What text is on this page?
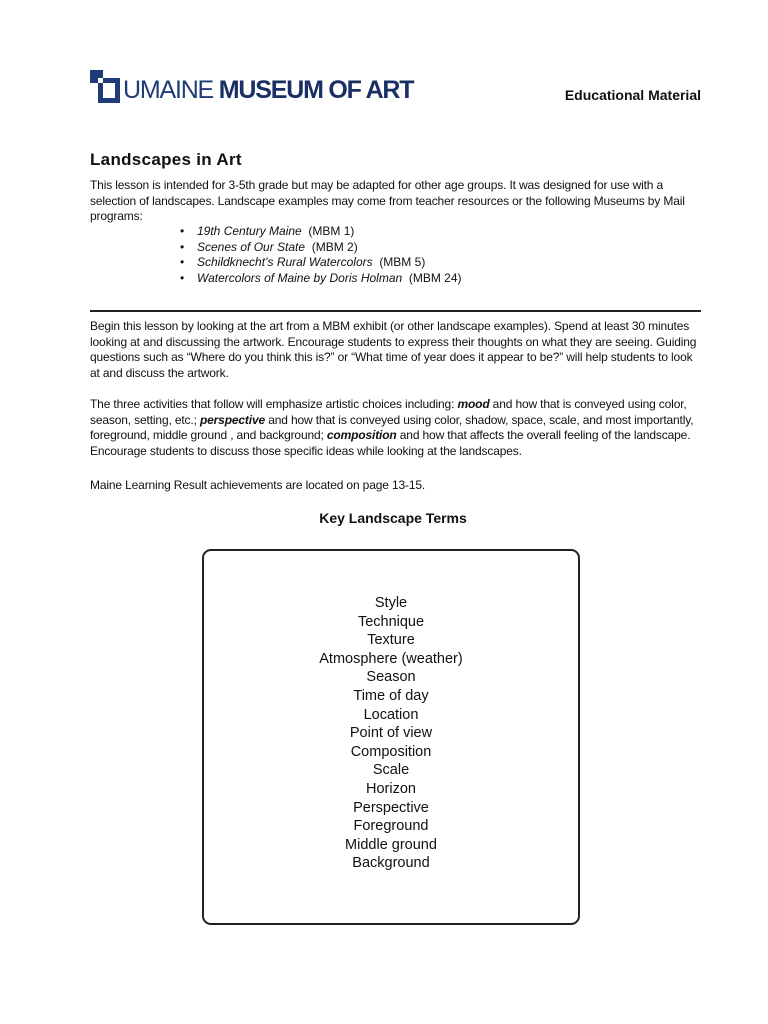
UMAINE MUSEUM OF ART	Educational Material
Landscapes in Art

This lesson is intended for 3-5th grade but may be adapted for other age groups. It was designed for use with a selection of landscapes. Landscape examples may come from teacher resources or the following Museums by Mail programs:

• 19th Century Maine (MBM 1)
• Scenes of Our State (MBM 2)
• Schildknecht’s Rural Watercolors (MBM 5)
• Watercolors of Maine by Doris Holman (MBM 24)

Begin this lesson by looking at the art from a MBM exhibit (or other landscape examples). Spend at least 30 minutes looking at and discussing the artwork. Encourage students to express their thoughts on what they are seeing. Guiding questions such as “Where do you think this is?” or “What time of year does it appear to be?” will help students to look at and discuss the artwork.

The three activities that follow will emphasize artistic choices including: mood and how that is conveyed using color, season, setting, etc.; perspective and how that is conveyed using color, shadow, space, scale, and most importantly, foreground, middle ground , and background; composition and how that affects the overall feeling of the landscape. Encourage students to discuss those specific ideas while looking at the landscapes.

Maine Learning Result achievements are located on page 13-15.

Key Landscape Terms
Style
Technique
Texture
Atmosphere (weather)
Season
Time of day
Location
Point of view
Composition
Scale
Horizon
Perspective
Foreground
Middle ground
Background
